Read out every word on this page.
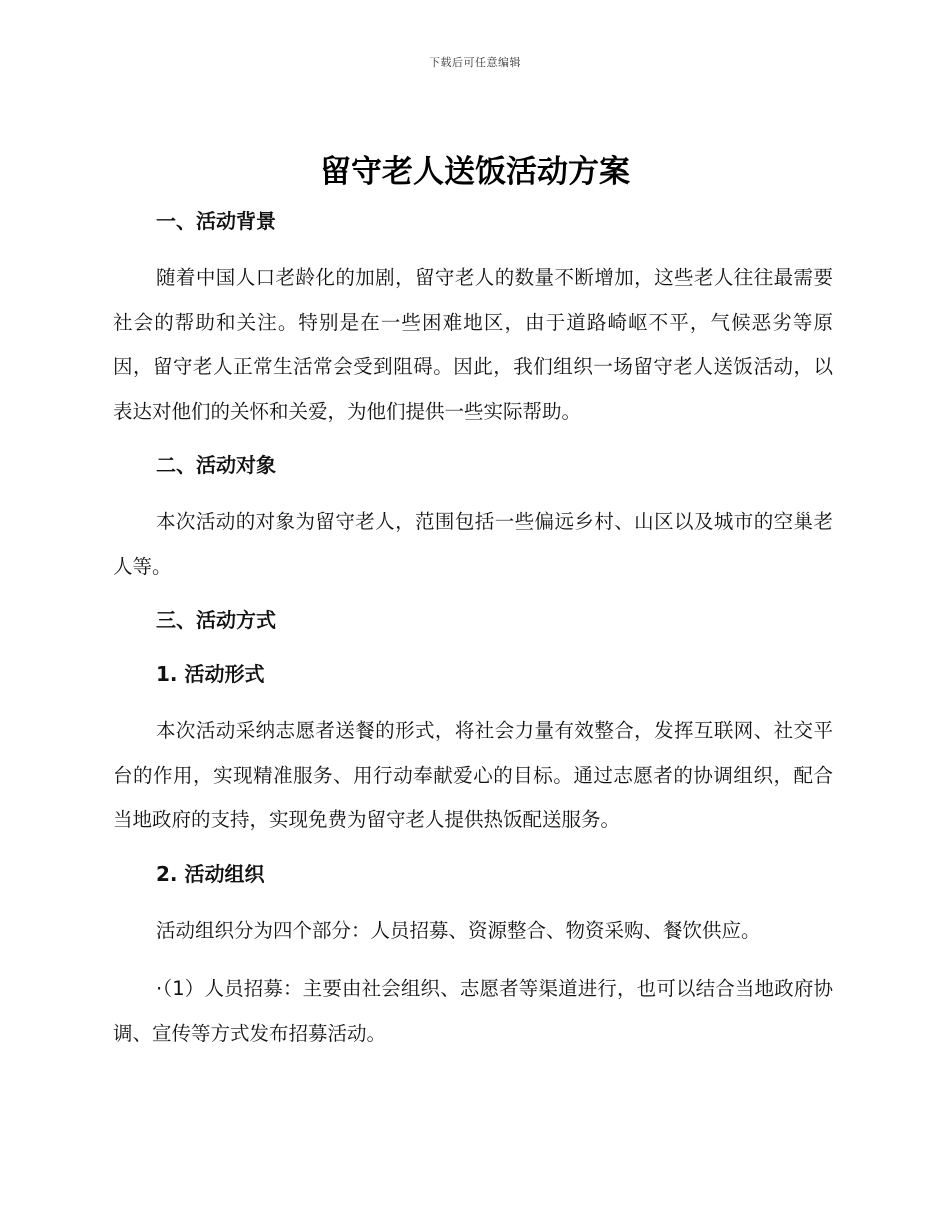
下载后可任意编辑
留守老人送饭活动方案

一、活动背景

随着中国人口老龄化的加剧，留守老人的数量不断增加，这些老人往往最需要社会的帮助和关注。特别是在一些困难地区，由于道路崎岖不平，气候恶劣等原因，留守老人正常生活常会受到阻碍。因此，我们组织一场留守老人送饭活动，以表达对他们的关怀和关爱，为他们提供一些实际帮助。

二、活动对象

本次活动的对象为留守老人，范围包括一些偏远乡村、山区以及城市的空巢老人等。

三、活动方式

1. 活动形式

本次活动采纳志愿者送餐的形式，将社会力量有效整合，发挥互联网、社交平台的作用，实现精准服务、用行动奉献爱心的目标。通过志愿者的协调组织，配合当地政府的支持，实现免费为留守老人提供热饭配送服务。

2. 活动组织

活动组织分为四个部分：人员招募、资源整合、物资采购、餐饮供应。

·（1）人员招募：主要由社会组织、志愿者等渠道进行，也可以结合当地政府协调、宣传等方式发布招募活动。
